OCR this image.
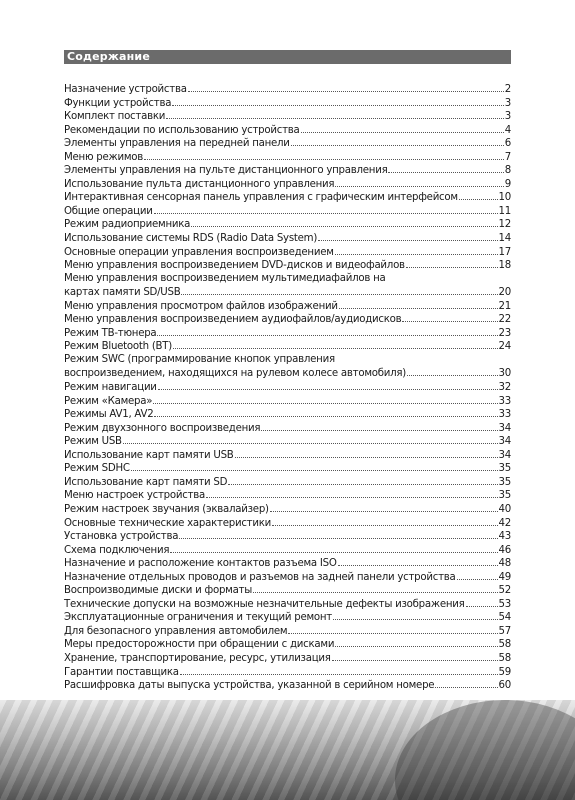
Содержание
Назначение устройства	2
Функции устройства	3
Комплект поставки	3
Рекомендации по использованию устройства	4
Элементы управления на передней панели	6
Меню режимов	7
Элементы управления на пульте дистанционного управления	8
Использование пульта дистанционного управления	9
Интерактивная сенсорная панель управления с графическим интерфейсом	10
Общие операции	11
Режим радиоприемника	12
Использование системы RDS (Radio Data System)	14
Основные операции управления воспроизведением	17
Меню управления воспроизведением DVD-дисков и видеофайлов	18
Меню управления воспроизведением мультимедиафайлов на
картах памяти SD/USB	20
Меню управления просмотром файлов изображений	21
Меню управления воспроизведением аудиофайлов/аудиодисков	22
Режим ТВ-тюнера	23
Режим Bluetooth (BT)	24
Режим SWC (программирование кнопок управления
воспроизведением, находящихся на рулевом колесе автомобиля)	30
Режим навигации	32
Режим «Камера»	33
Режимы AV1, AV2	33
Режим двухзонного воспроизведения	34
Режим USB	34
Использование карт памяти USB	34
Режим SDHC	35
Использование карт памяти SD	35
Меню настроек устройства	35
Режим настроек звучания (эквалайзер)	40
Основные технические характеристики	42
Установка устройства	43
Схема подключения	46
Назначение и расположение контактов разъема ISO	48
Назначение отдельных проводов и разъемов на задней панели устройства	49
Воспроизводимые диски и форматы	52
Технические допуски на возможные незначительные дефекты изображения	53
Эксплуатационные ограничения и текущий ремонт	54
Для безопасного управления автомобилем	57
Меры предосторожности при обращении с дисками	58
Хранение, транспортирование, ресурс, утилизация	58
Гарантии поставщика	59
Расшифровка даты выпуска устройства, указанной в серийном номере	60
